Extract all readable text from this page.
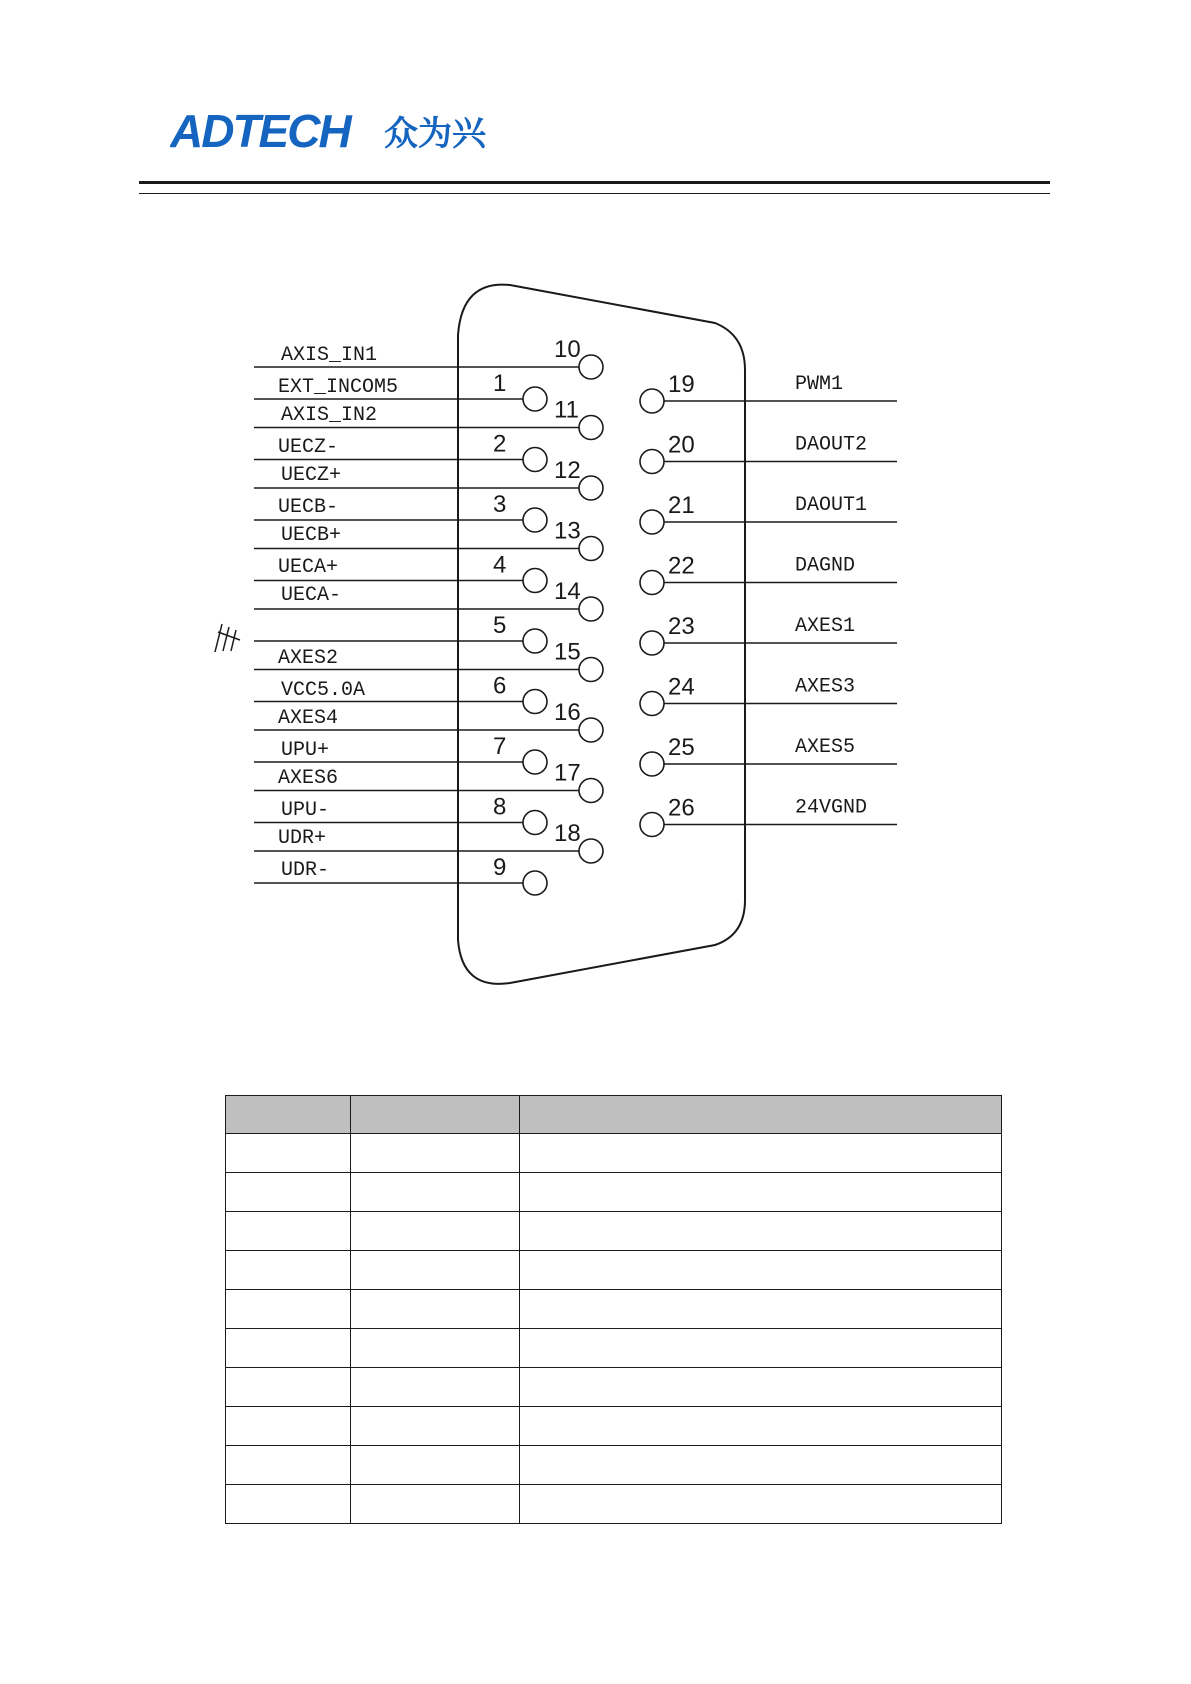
ADTECH 众为兴
1
2
3
4
5
6
7
8
9
10
11
12
13
14
15
16
17
18
19
20
21
22
23
24
25
26
AXIS_IN1
EXT_INCOM5
AXIS_IN2
UECZ-
UECZ+
UECB-
UECB+
UECA+
UECA-
AXES2
VCC5.0A
AXES4
UPU+
AXES6
UPU-
UDR+
UDR-
PWM1
DAOUT2
DAOUT1
DAGND
AXES1
AXES3
AXES5
24VGND
